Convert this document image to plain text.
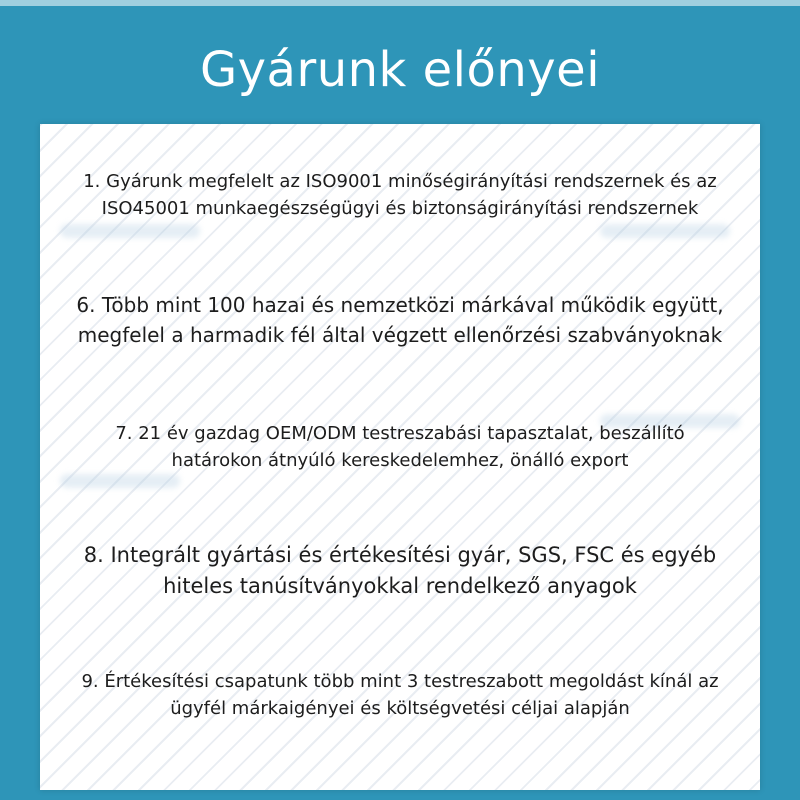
Gyárunk előnyei
1. Gyárunk megfelelt az ISO9001 minőségirányítási rendszernek és az
ISO45001 munkaegészségügyi és biztonságirányítási rendszernek
6. Több mint 100 hazai és nemzetközi márkával működik együtt,
megfelel a harmadik fél által végzett ellenőrzési szabványoknak
7. 21 év gazdag OEM/ODM testreszabási tapasztalat, beszállító
határokon átnyúló kereskedelemhez, önálló export
8. Integrált gyártási és értékesítési gyár, SGS, FSC és egyéb
hiteles tanúsítványokkal rendelkező anyagok
9. Értékesítési csapatunk több mint 3 testreszabott megoldást kínál az
ügyfél márkaigényei és költségvetési céljai alapján
